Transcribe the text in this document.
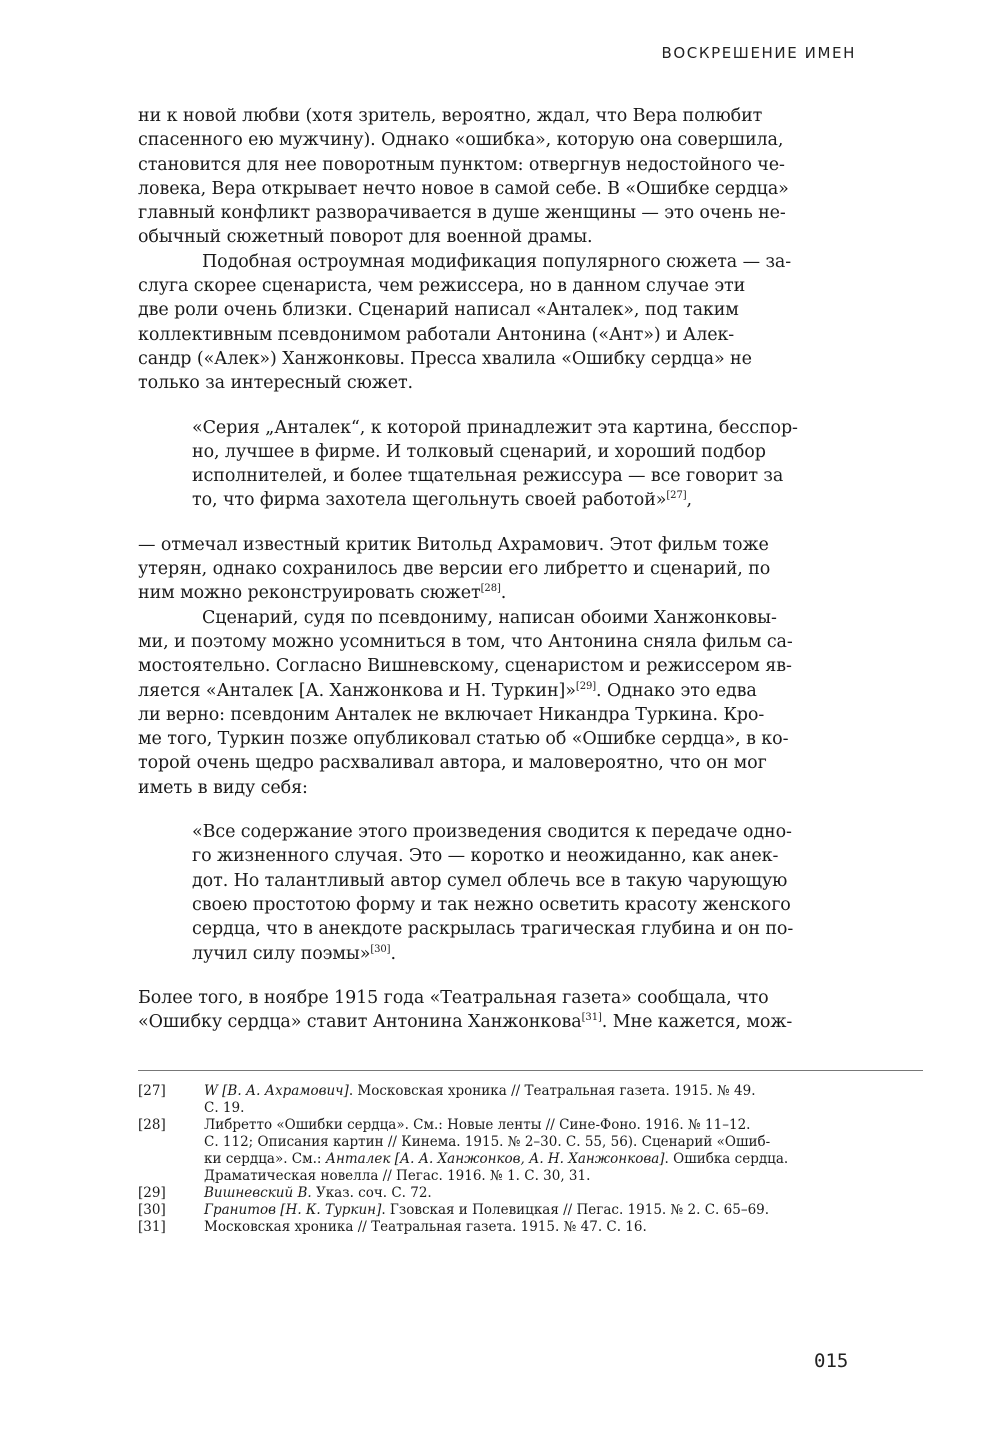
ВОСКРЕШЕНИЕ ИМЕН
ни к новой любви (хотя зритель, вероятно, ждал, что Вера полюбит
спасенного ею мужчину). Однако «ошибка», которую она совершила,
становится для нее поворотным пунктом: отвергнув недостойного че-
ловека, Вера открывает нечто новое в самой себе. В «Ошибке сердца»
главный конфликт разворачивается в душе женщины — это очень не-
обычный сюжетный поворот для военной драмы.
Подобная остроумная модификация популярного сюжета — за-
слуга скорее сценариста, чем режиссера, но в данном случае эти
две роли очень близки. Сценарий написал «Анталек», под таким
коллективным псевдонимом работали Антонина («Ант») и Алек-
сандр («Алек») Ханжонковы. Пресса хвалила «Ошибку сердца» не
только за интересный сюжет.
«Серия „Анталек“, к которой принадлежит эта картина, бесспор-
но, лучшее в фирме. И толковый сценарий, и хороший подбор
исполнителей, и более тщательная режиссура — все говорит за
то, что фирма захотела щегольнуть своей работой»[27],
— отмечал известный критик Витольд Ахрамович. Этот фильм тоже
утерян, однако сохранилось две версии его либретто и сценарий, по
ним можно реконструировать сюжет[28].
Сценарий, судя по псевдониму, написан обоими Ханжонковы-
ми, и поэтому можно усомниться в том, что Антонина сняла фильм са-
мостоятельно. Согласно Вишневскому, сценаристом и режиссером яв-
ляется «Анталек [А. Ханжонкова и Н. Туркин]»[29]. Однако это едва
ли верно: псевдоним Анталек не включает Никандра Туркина. Кро-
ме того, Туркин позже опубликовал статью об «Ошибке сердца», в ко-
торой очень щедро расхваливал автора, и маловероятно, что он мог
иметь в виду себя:
«Все содержание этого произведения сводится к передаче одно-
го жизненного случая. Это — коротко и неожиданно, как анек-
дот. Но талантливый автор сумел облечь все в такую чарующую
своею простотою форму и так нежно осветить красоту женского
сердца, что в анекдоте раскрылась трагическая глубина и он по-
лучил силу поэмы»[30].
Более того, в ноябре 1915 года «Театральная газета» сообщала, что
«Ошибку сердца» ставит Антонина Ханжонкова[31]. Мне кажется, мож-
[27]	W [В. А. Ахрамович]. Московская хроника // Театральная газета. 1915. № 49.
С. 19.
[28]	Либретто «Ошибки сердца». См.: Новые ленты // Сине-Фоно. 1916. № 11–12.
С. 112; Описания картин // Кинема. 1915. № 2–30. С. 55, 56). Сценарий «Ошиб-
ки сердца». См.: Анталек [А. А. Ханжонков, А. Н. Ханжонкова]. Ошибка сердца.
Драматическая новелла // Пегас. 1916. № 1. С. 30, 31.
[29]	Вишневский В. Указ. соч. С. 72.
[30]	Гранитов [Н. К. Туркин]. Гзовская и Полевицкая // Пегас. 1915. № 2. С. 65–69.
[31]	Московская хроника // Театральная газета. 1915. № 47. С. 16.
015
